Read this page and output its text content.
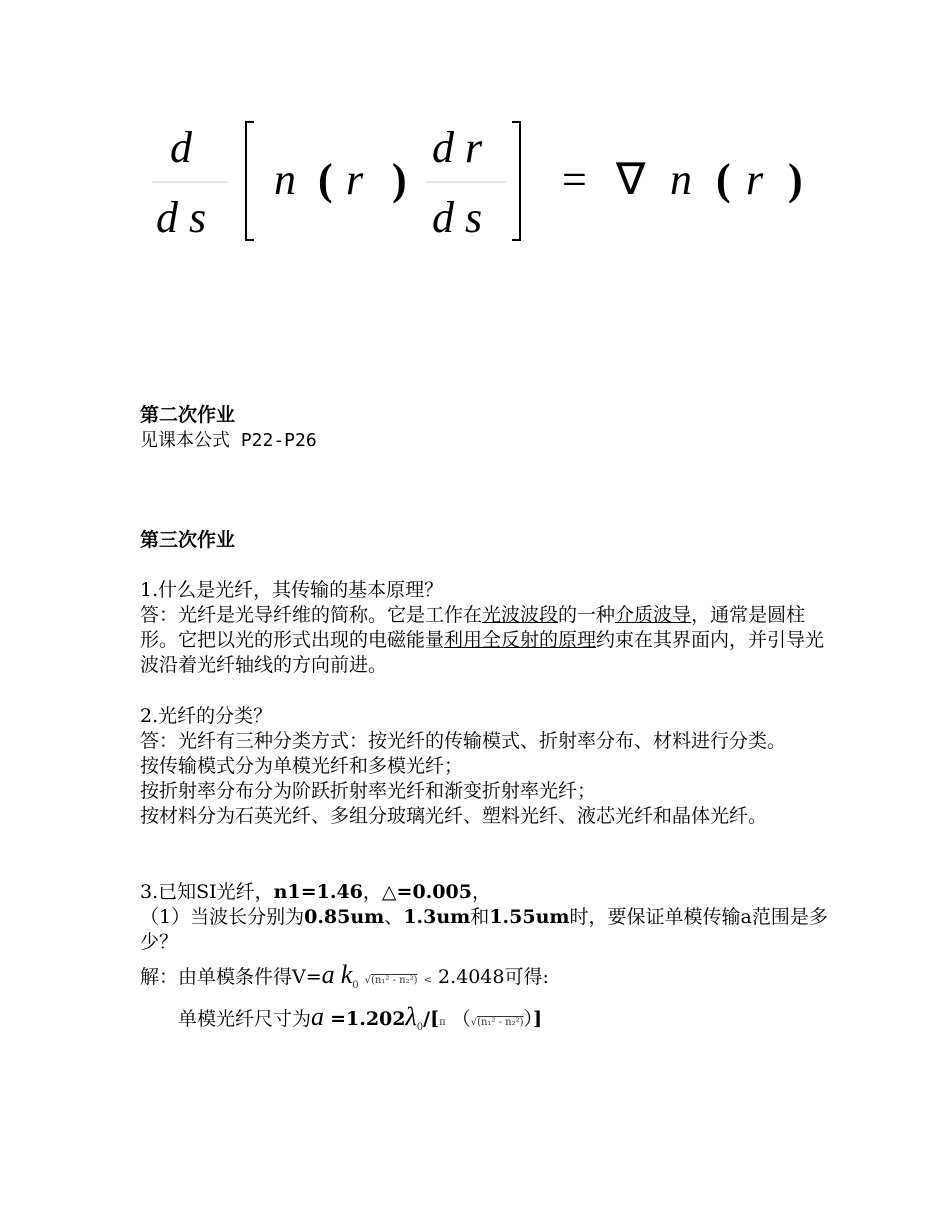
d
d s
n ( r )
d r
d s
= ∇ n ( r )

第二次作业

见课本公式 P22-P26

第三次作业

1.什么是光纤，其传输的基本原理？

答：光纤是光导纤维的简称。它是工作在光波波段的一种介质波导，通常是圆柱形。它把以光的形式出现的电磁能量利用全反射的原理约束在其界面内，并引导光波沿着光纤轴线的方向前进。

2.光纤的分类？

答：光纤有三种分类方式：按光纤的传输模式、折射率分布、材料进行分类。

按传输模式分为单模光纤和多模光纤；

按折射率分布分为阶跃折射率光纤和渐变折射率光纤；

按材料分为石英光纤、多组分玻璃光纤、塑料光纤、液芯光纤和晶体光纤。

3.已知SI光纤，n1=1.46，△=0.005，

（1）当波长分别为0.85um、1.3um和1.55um时，要保证单模传输a范围是多少？

解：由单模条件得V=a $k_0$ √(n₁² - n₂²) < 2.4048可得:

单模光纤尺寸为$a =1.202\lambda_0/[\pi$ （√(n₁² - n₂²)）]
